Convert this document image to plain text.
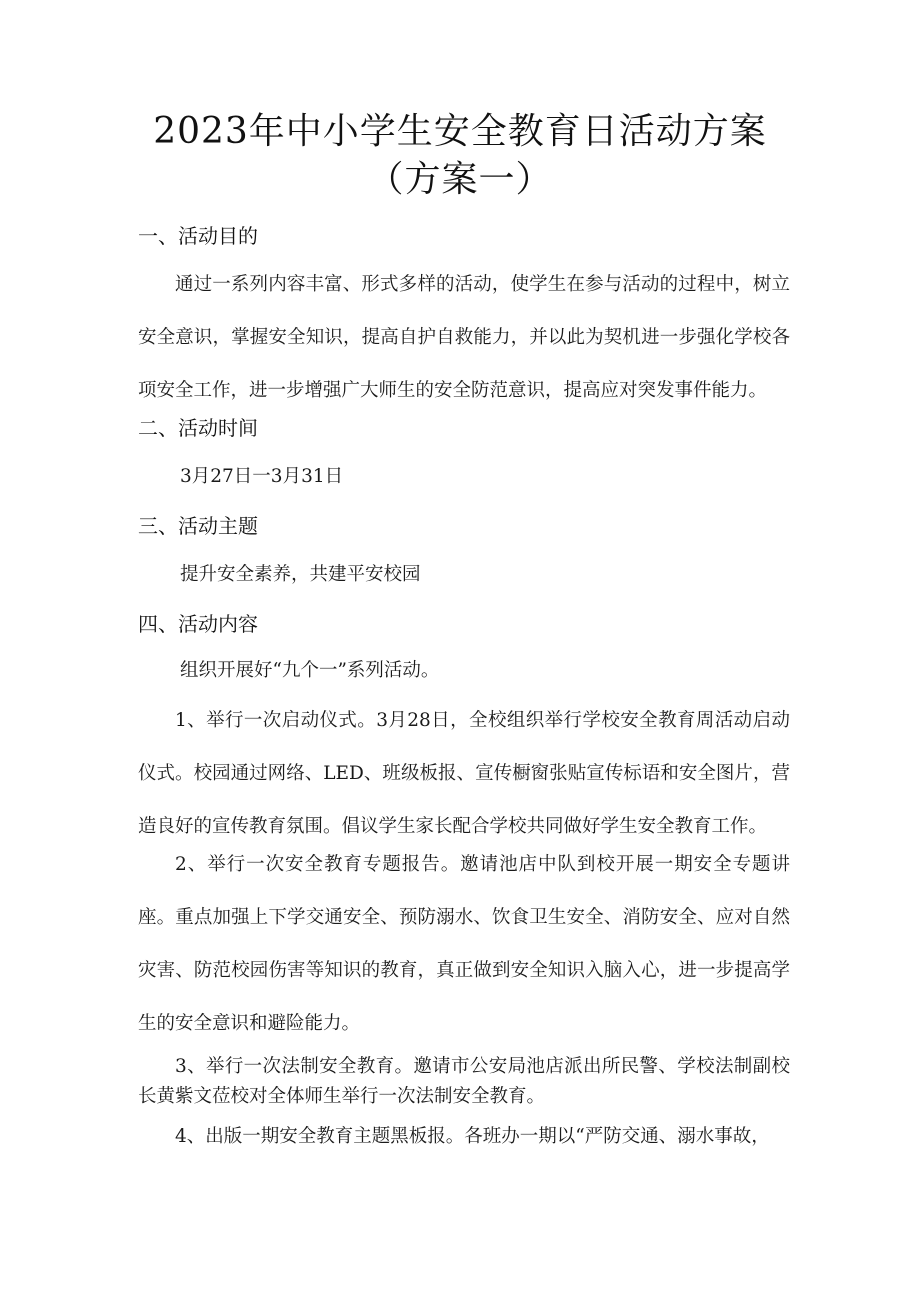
2023年中小学生安全教育日活动方案
（方案一）
一、活动目的
通过一系列内容丰富、形式多样的活动，使学生在参与活动的过程中，树立安全意识，掌握安全知识，提高自护自救能力，并以此为契机进一步强化学校各项安全工作，进一步增强广大师生的安全防范意识，提高应对突发事件能力。
二、活动时间
3月27日一3月31日
三、活动主题
提升安全素养，共建平安校园
四、活动内容
组织开展好“九个一”系列活动。
1、举行一次启动仪式。3月28日，全校组织举行学校安全教育周活动启动仪式。校园通过网络、LED、班级板报、宣传橱窗张贴宣传标语和安全图片，营造良好的宣传教育氛围。倡议学生家长配合学校共同做好学生安全教育工作。
2、举行一次安全教育专题报告。邀请池店中队到校开展一期安全专题讲座。重点加强上下学交通安全、预防溺水、饮食卫生安全、消防安全、应对自然灾害、防范校园伤害等知识的教育，真正做到安全知识入脑入心，进一步提高学生的安全意识和避险能力。
3、举行一次法制安全教育。邀请市公安局池店派出所民警、学校法制副校长黄紫文莅校对全体师生举行一次法制安全教育。
4、出版一期安全教育主题黑板报。各班办一期以“严防交通、溺水事故，
